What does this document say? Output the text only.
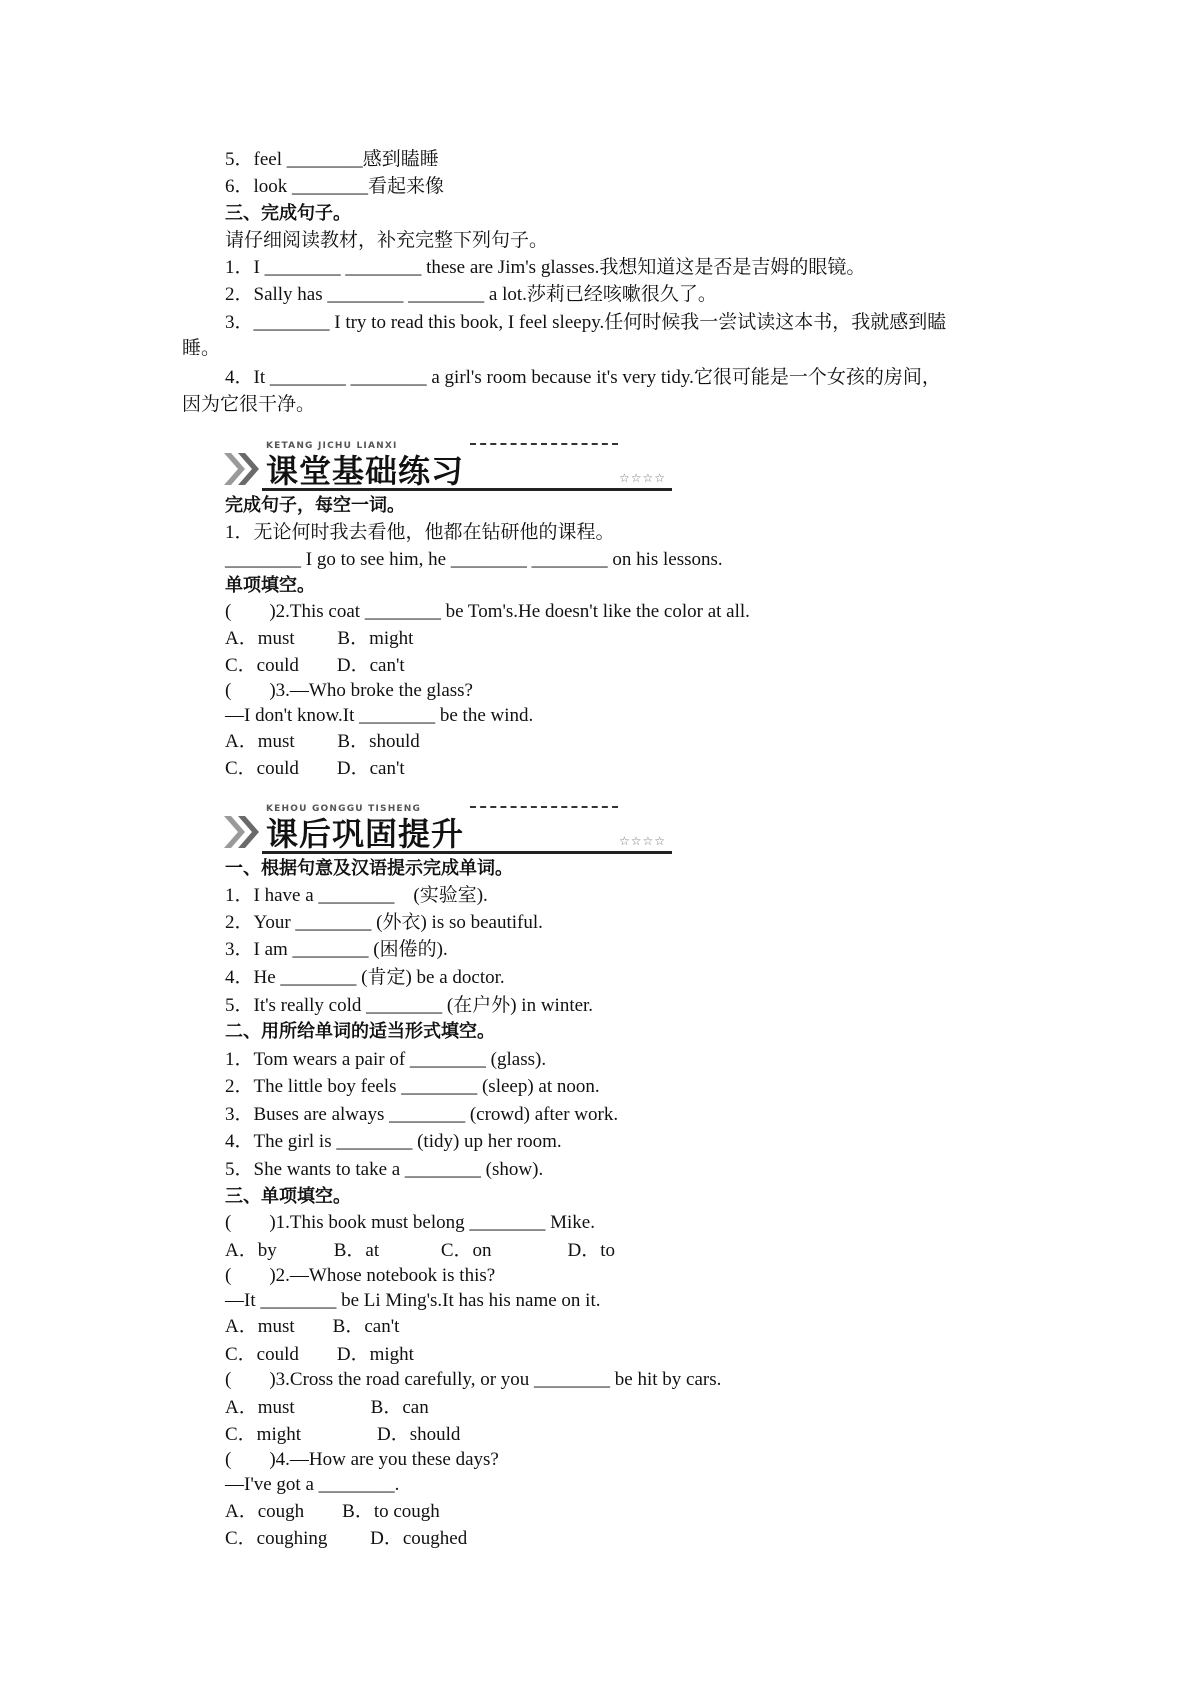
5．feel ________感到瞌睡
6．look ________看起来像
三、完成句子。
请仔细阅读教材，补充完整下列句子。
1．I ________ ________ these are Jim's glasses.我想知道这是否是吉姆的眼镜。
2．Sally has ________ ________ a lot.莎莉已经咳嗽很久了。
3．________ I try to read this book, I feel sleepy.任何时候我一尝试读这本书，我就感到瞌
睡。
4．It ________ ________ a girl's room because it's very tidy.它很可能是一个女孩的房间，
因为它很干净。
KETANG JICHU LIANXI
课堂基础练习	☆☆☆☆
完成句子，每空一词。
1．无论何时我去看他，他都在钻研他的课程。
________ I go to see him, he ________ ________ on his lessons.
单项填空。
(　　)2.This coat ________ be Tom's.He doesn't like the color at all.
A．must　　 B．might
C．could　　D．can't
(　　)3.—Who broke the glass?
—I don't know.It ________ be the wind.
A．must　　 B．should
C．could　　D．can't
KEHOU GONGGU TISHENG
课后巩固提升	☆☆☆☆
一、根据句意及汉语提示完成单词。
1．I have a ________　(实验室).
2．Your ________ (外衣) is so beautiful.
3．I am ________ (困倦的).
4．He ________ (肯定) be a doctor.
5．It's really cold ________ (在户外) in winter.
二、用所给单词的适当形式填空。
1．Tom wears a pair of ________ (glass).
2．The little boy feels ________ (sleep) at noon.
3．Buses are always ________ (crowd) after work.
4．The girl is ________ (tidy) up her room.
5．She wants to take a ________ (show).
三、单项填空。
(　　)1.This book must belong ________ Mike.
A．by　　　B．at　　　 C．on　　　　D．to
(　　)2.—Whose notebook is this?
—It ________ be Li Ming's.It has his name on it.
A．must　　B．can't
C．could　　D．might
(　　)3.Cross the road carefully, or you ________ be hit by cars.
A．must　　　　B．can
C．might　　　　D．should
(　　)4.—How are you these days?
—I've got a ________.
A．cough　　B．to cough
C．coughing　　 D．coughed
